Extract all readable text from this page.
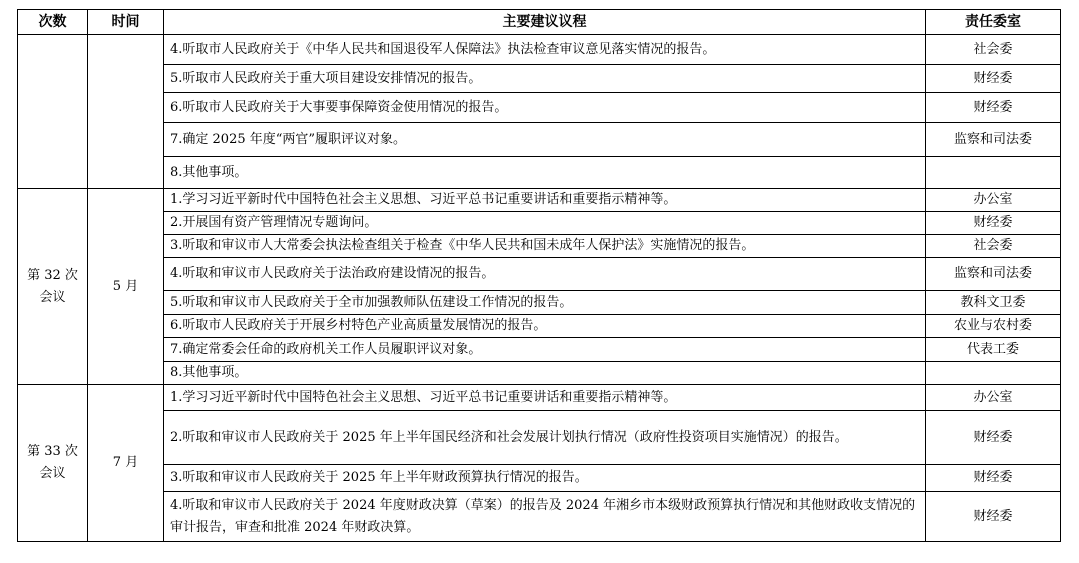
次数	时间	主要建议议程	责任委室
		4.听取市人民政府关于《中华人民共和国退役军人保障法》执法检查审议意见落实情况的报告。	社会委
		5.听取市人民政府关于重大项目建设安排情况的报告。	财经委
		6.听取市人民政府关于大事要事保障资金使用情况的报告。	财经委
		7.确定 2025 年度“两官”履职评议对象。	监察和司法委
		8.其他事项。	
第 32 次会议	5 月	1.学习习近平新时代中国特色社会主义思想、习近平总书记重要讲话和重要指示精神等。	办公室
		2.开展国有资产管理情况专题询问。	财经委
		3.听取和审议市人大常委会执法检查组关于检查《中华人民共和国未成年人保护法》实施情况的报告。	社会委
		4.听取和审议市人民政府关于法治政府建设情况的报告。	监察和司法委
		5.听取和审议市人民政府关于全市加强教师队伍建设工作情况的报告。	教科文卫委
		6.听取市人民政府关于开展乡村特色产业高质量发展情况的报告。	农业与农村委
		7.确定常委会任命的政府机关工作人员履职评议对象。	代表工委
		8.其他事项。	
第 33 次会议	7 月	1.学习习近平新时代中国特色社会主义思想、习近平总书记重要讲话和重要指示精神等。	办公室
		2.听取和审议市人民政府关于 2025 年上半年国民经济和社会发展计划执行情况（政府性投资项目实施情况）的报告。	财经委
		3.听取和审议市人民政府关于 2025 年上半年财政预算执行情况的报告。	财经委
		4.听取和审议市人民政府关于 2024 年度财政决算（草案）的报告及 2024 年湘乡市本级财政预算执行情况和其他财政收支情况的审计报告，审查和批准 2024 年财政决算。	财经委
